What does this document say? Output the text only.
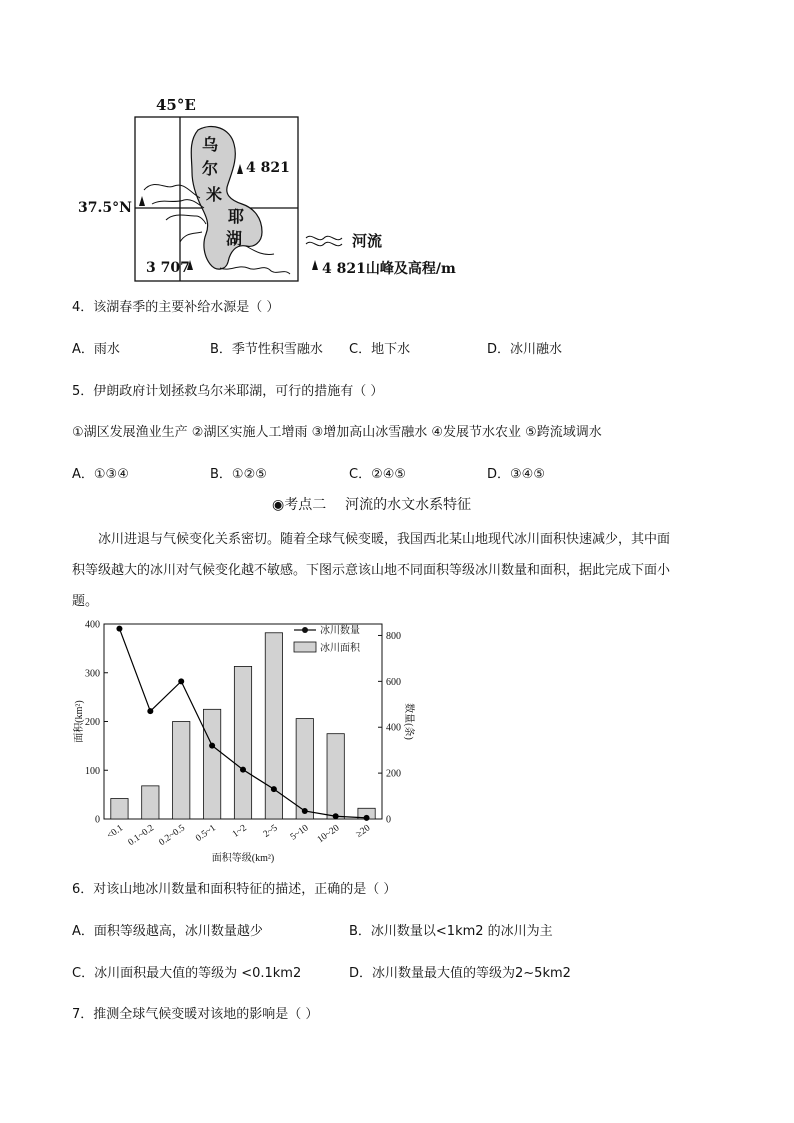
45°E
37.5°N
乌
尔
米
耶
湖
4 821
3 707
河流
4 821山峰及高程/m
4．该湖春季的主要补给水源是（ ）
A．雨水	B．季节性积雪融水 C．地下水	D．冰川融水
5．伊朗政府计划拯救乌尔米耶湖，可行的措施有（ ）
①湖区发展渔业生产 ②湖区实施人工增雨 ③增加高山冰雪融水 ④发展节水农业 ⑤跨流域调水
A．①③④	B．①②⑤	C．②④⑤	D．③④⑤
◉考点二 河流的水文水系特征
冰川进退与气候变化关系密切。随着全球气候变暖，我国西北某山地现代冰川面积快速减少，其中面
积等级越大的冰川对气候变化越不敏感。下图示意该山地不同面积等级冰川数量和面积，据此完成下面小
题。
0
100
200
300
400
0
200
400
600
800
<0.1 0.1~0.2 0.2~0.5 0.5~1 1~2 2~5 5~10 10~20 ≥20
面积等级(km²)
面积(km²)	数量(条)
冰川数量
冰川面积
6．对该山地冰川数量和面积特征的描述，正确的是（ ）
A．面积等级越高，冰川数量越少	B．冰川数量以<1km2 的冰川为主
C．冰川面积最大值的等级为 <0.1km2	D．冰川数量最大值的等级为2~5km2
7．推测全球气候变暖对该地的影响是（ ）
